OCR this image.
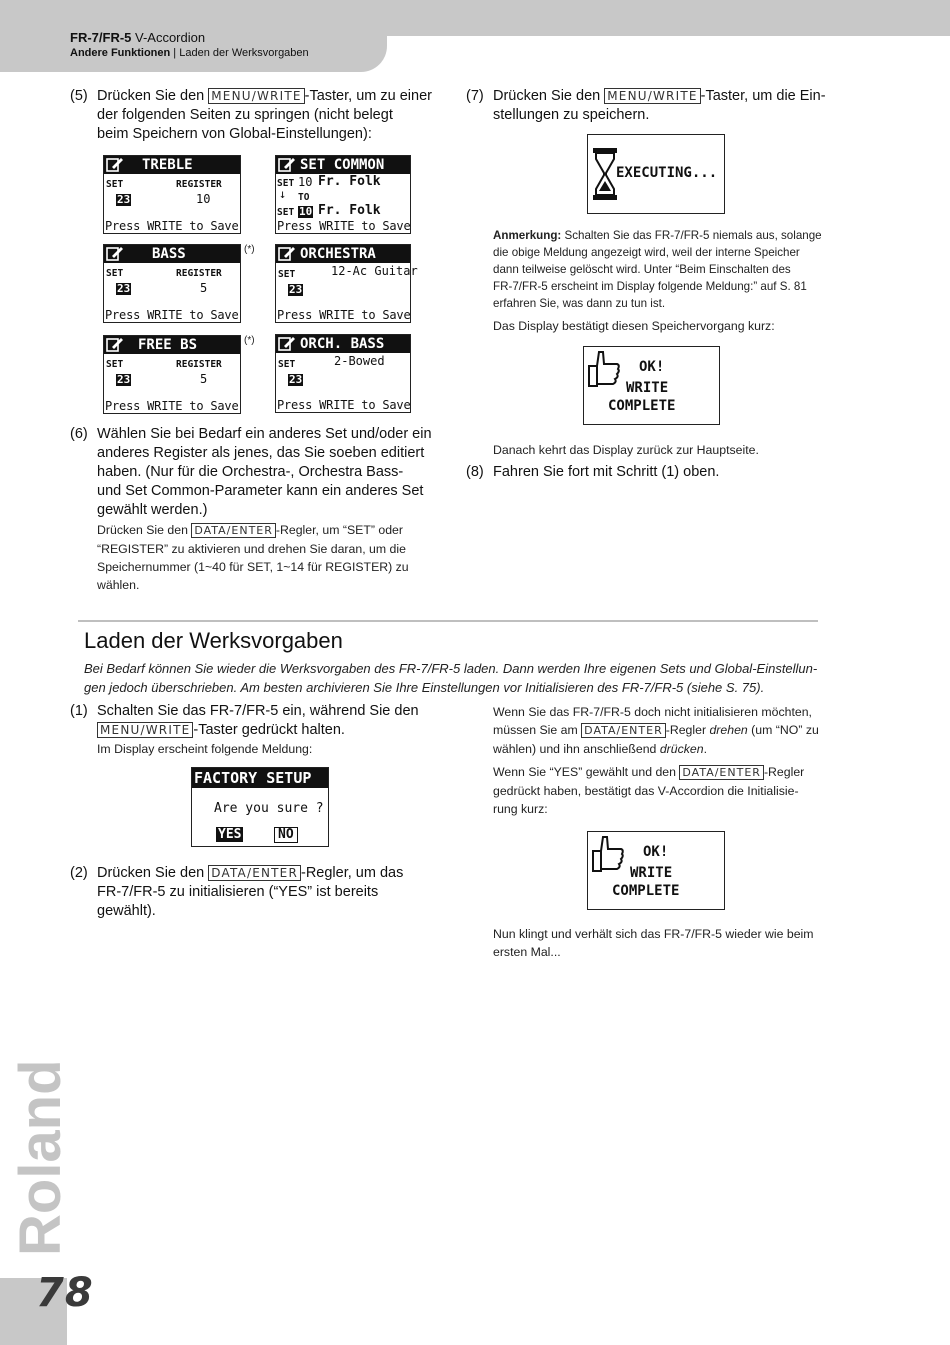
FR-7/FR-5 V-Accordion
Andere Funktionen | Laden der Werksvorgaben
(5) Drücken Sie den MENU/WRITE -Taster, um zu einer
der folgenden Seiten zu springen (nicht belegt
beim Speichern von Global-Einstellungen):
TREBLE
SET	REGISTER
23	10
Press WRITE to Save
SET COMMON
SET 10 Fr. Folk
↓ TO
SET 10 Fr. Folk
Press WRITE to Save
BASS
SET	REGISTER
23	5
Press WRITE to Save
(*)	ORCHESTRA
SET	12-Ac Guitar
23
Press WRITE to Save
FREE BS
SET	REGISTER
23	5
Press WRITE to Save
(*)	ORCH. BASS
SET	2-Bowed
23
Press WRITE to Save
(6) Wählen Sie bei Bedarf ein anderes Set und/oder ein
anderes Register als jenes, das Sie soeben editiert
haben. (Nur für die Orchestra-, Orchestra Bass-
und Set Common-Parameter kann ein anderes Set
gewählt werden.)
Drücken Sie den DATA/ENTER -Regler, um “SET” oder
“REGISTER” zu aktivieren und drehen Sie daran, um die
Speichernummer (1~40 für SET, 1~14 für REGISTER) zu
wählen.
(7) Drücken Sie den MENU/WRITE -Taster, um die Ein-
stellungen zu speichern.
EXECUTING...
Anmerkung: Schalten Sie das FR-7/FR-5 niemals aus, solange
die obige Meldung angezeigt wird, weil der interne Speicher
dann teilweise gelöscht wird. Unter “Beim Einschalten des
FR-7/FR-5 erscheint im Display folgende Meldung:” auf S. 81
erfahren Sie, was dann zu tun ist.
Das Display bestätigt diesen Speichervorgang kurz:
OK!
WRITE
COMPLETE
Danach kehrt das Display zurück zur Hauptseite.
(8) Fahren Sie fort mit Schritt (1) oben.
Laden der Werksvorgaben
Bei Bedarf können Sie wieder die Werksvorgaben des FR-7/FR-5 laden. Dann werden Ihre eigenen Sets und Global-Einstellun-
gen jedoch überschrieben. Am besten archivieren Sie Ihre Einstellungen vor Initialisieren des FR-7/FR-5 (siehe S. 75).
(1) Schalten Sie das FR-7/FR-5 ein, während Sie den
MENU/WRITE -Taster gedrückt halten.
Im Display erscheint folgende Meldung:
FACTORY SETUP
Are you sure ?
YES	NO
(2) Drücken Sie den DATA/ENTER -Regler, um das
FR-7/FR-5 zu initialisieren (“YES” ist bereits
gewählt).
Wenn Sie das FR-7/FR-5 doch nicht initialisieren möchten,
müssen Sie am DATA/ENTER -Regler drehen (um “NO” zu
wählen) und ihn anschließend drücken.
Wenn Sie “YES” gewählt und den DATA/ENTER -Regler
gedrückt haben, bestätigt das V-Accordion die Initialisie-
rung kurz:
OK!
WRITE
COMPLETE
Nun klingt und verhält sich das FR-7/FR-5 wieder wie beim
ersten Mal...
Roland
78
